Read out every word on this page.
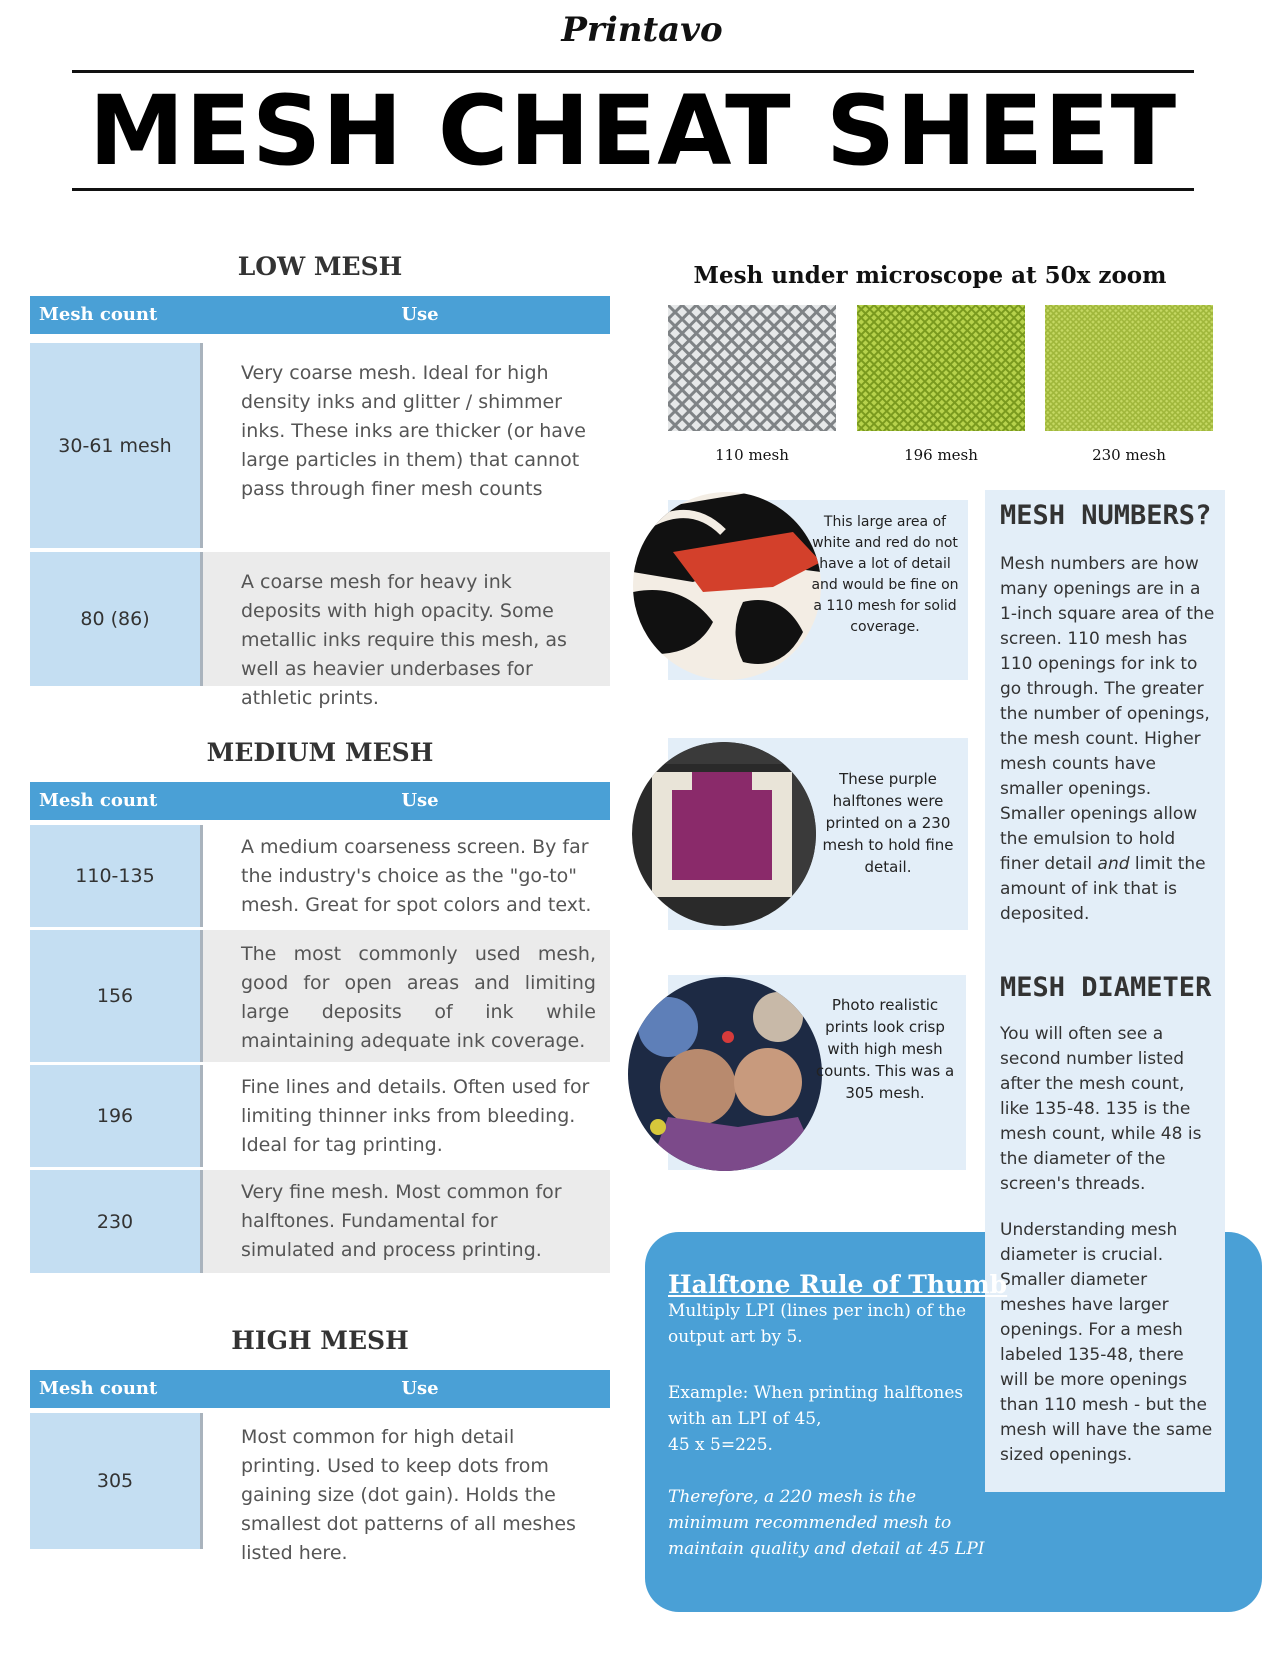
Printavo
MESH CHEAT SHEET
LOW MESH
Mesh count	Use
30-61 mesh
Very coarse mesh. Ideal for high density inks and glitter / shimmer inks. These inks are thicker (or have large particles in them) that cannot pass through finer mesh counts
80 (86)
A coarse mesh for heavy ink deposits with high opacity. Some metallic inks require this mesh, as well as heavier underbases for athletic prints.
MEDIUM MESH
Mesh count	Use
110-135
A medium coarseness screen. By far the industry's choice as the "go-to" mesh. Great for spot colors and text.
156
The most commonly used mesh, good for open areas and limiting large deposits of ink while maintaining adequate ink coverage.
196
Fine lines and details. Often used for limiting thinner inks from bleeding. Ideal for tag printing.
230
Very fine mesh. Most common for halftones. Fundamental for simulated and process printing.
HIGH MESH
Mesh count	Use
305
Most common for high detail printing. Used to keep dots from gaining size (dot gain). Holds the smallest dot patterns of all meshes listed here.
Mesh under microscope at 50x zoom
110 mesh	196 mesh	230 mesh
This large area of white and red do not have a lot of detail and would be fine on a 110 mesh for solid coverage.
These purple halftones were printed on a 230 mesh to hold fine detail.
Photo realistic prints look crisp with high mesh counts. This was a 305 mesh.
MESH NUMBERS?
Mesh numbers are how many openings are in a 1-inch square area of the screen. 110 mesh has 110 openings for ink to go through. The greater the number of openings, the mesh count. Higher mesh counts have smaller openings. Smaller openings allow the emulsion to hold finer detail and limit the amount of ink that is deposited.
MESH DIAMETER
You will often see a second number listed after the mesh count, like 135-48. 135 is the mesh count, while 48 is the diameter of the screen's threads.
Understanding mesh diameter is crucial. Smaller diameter meshes have larger openings. For a mesh labeled 135-48, there will be more openings than 110 mesh - but the mesh will have the same sized openings.
Halftone Rule of Thumb
Multiply LPI (lines per inch) of the output art by 5.
Example: When printing halftones with an LPI of 45,
45 x 5=225.
Therefore, a 220 mesh is the minimum recommended mesh to maintain quality and detail at 45 LPI
